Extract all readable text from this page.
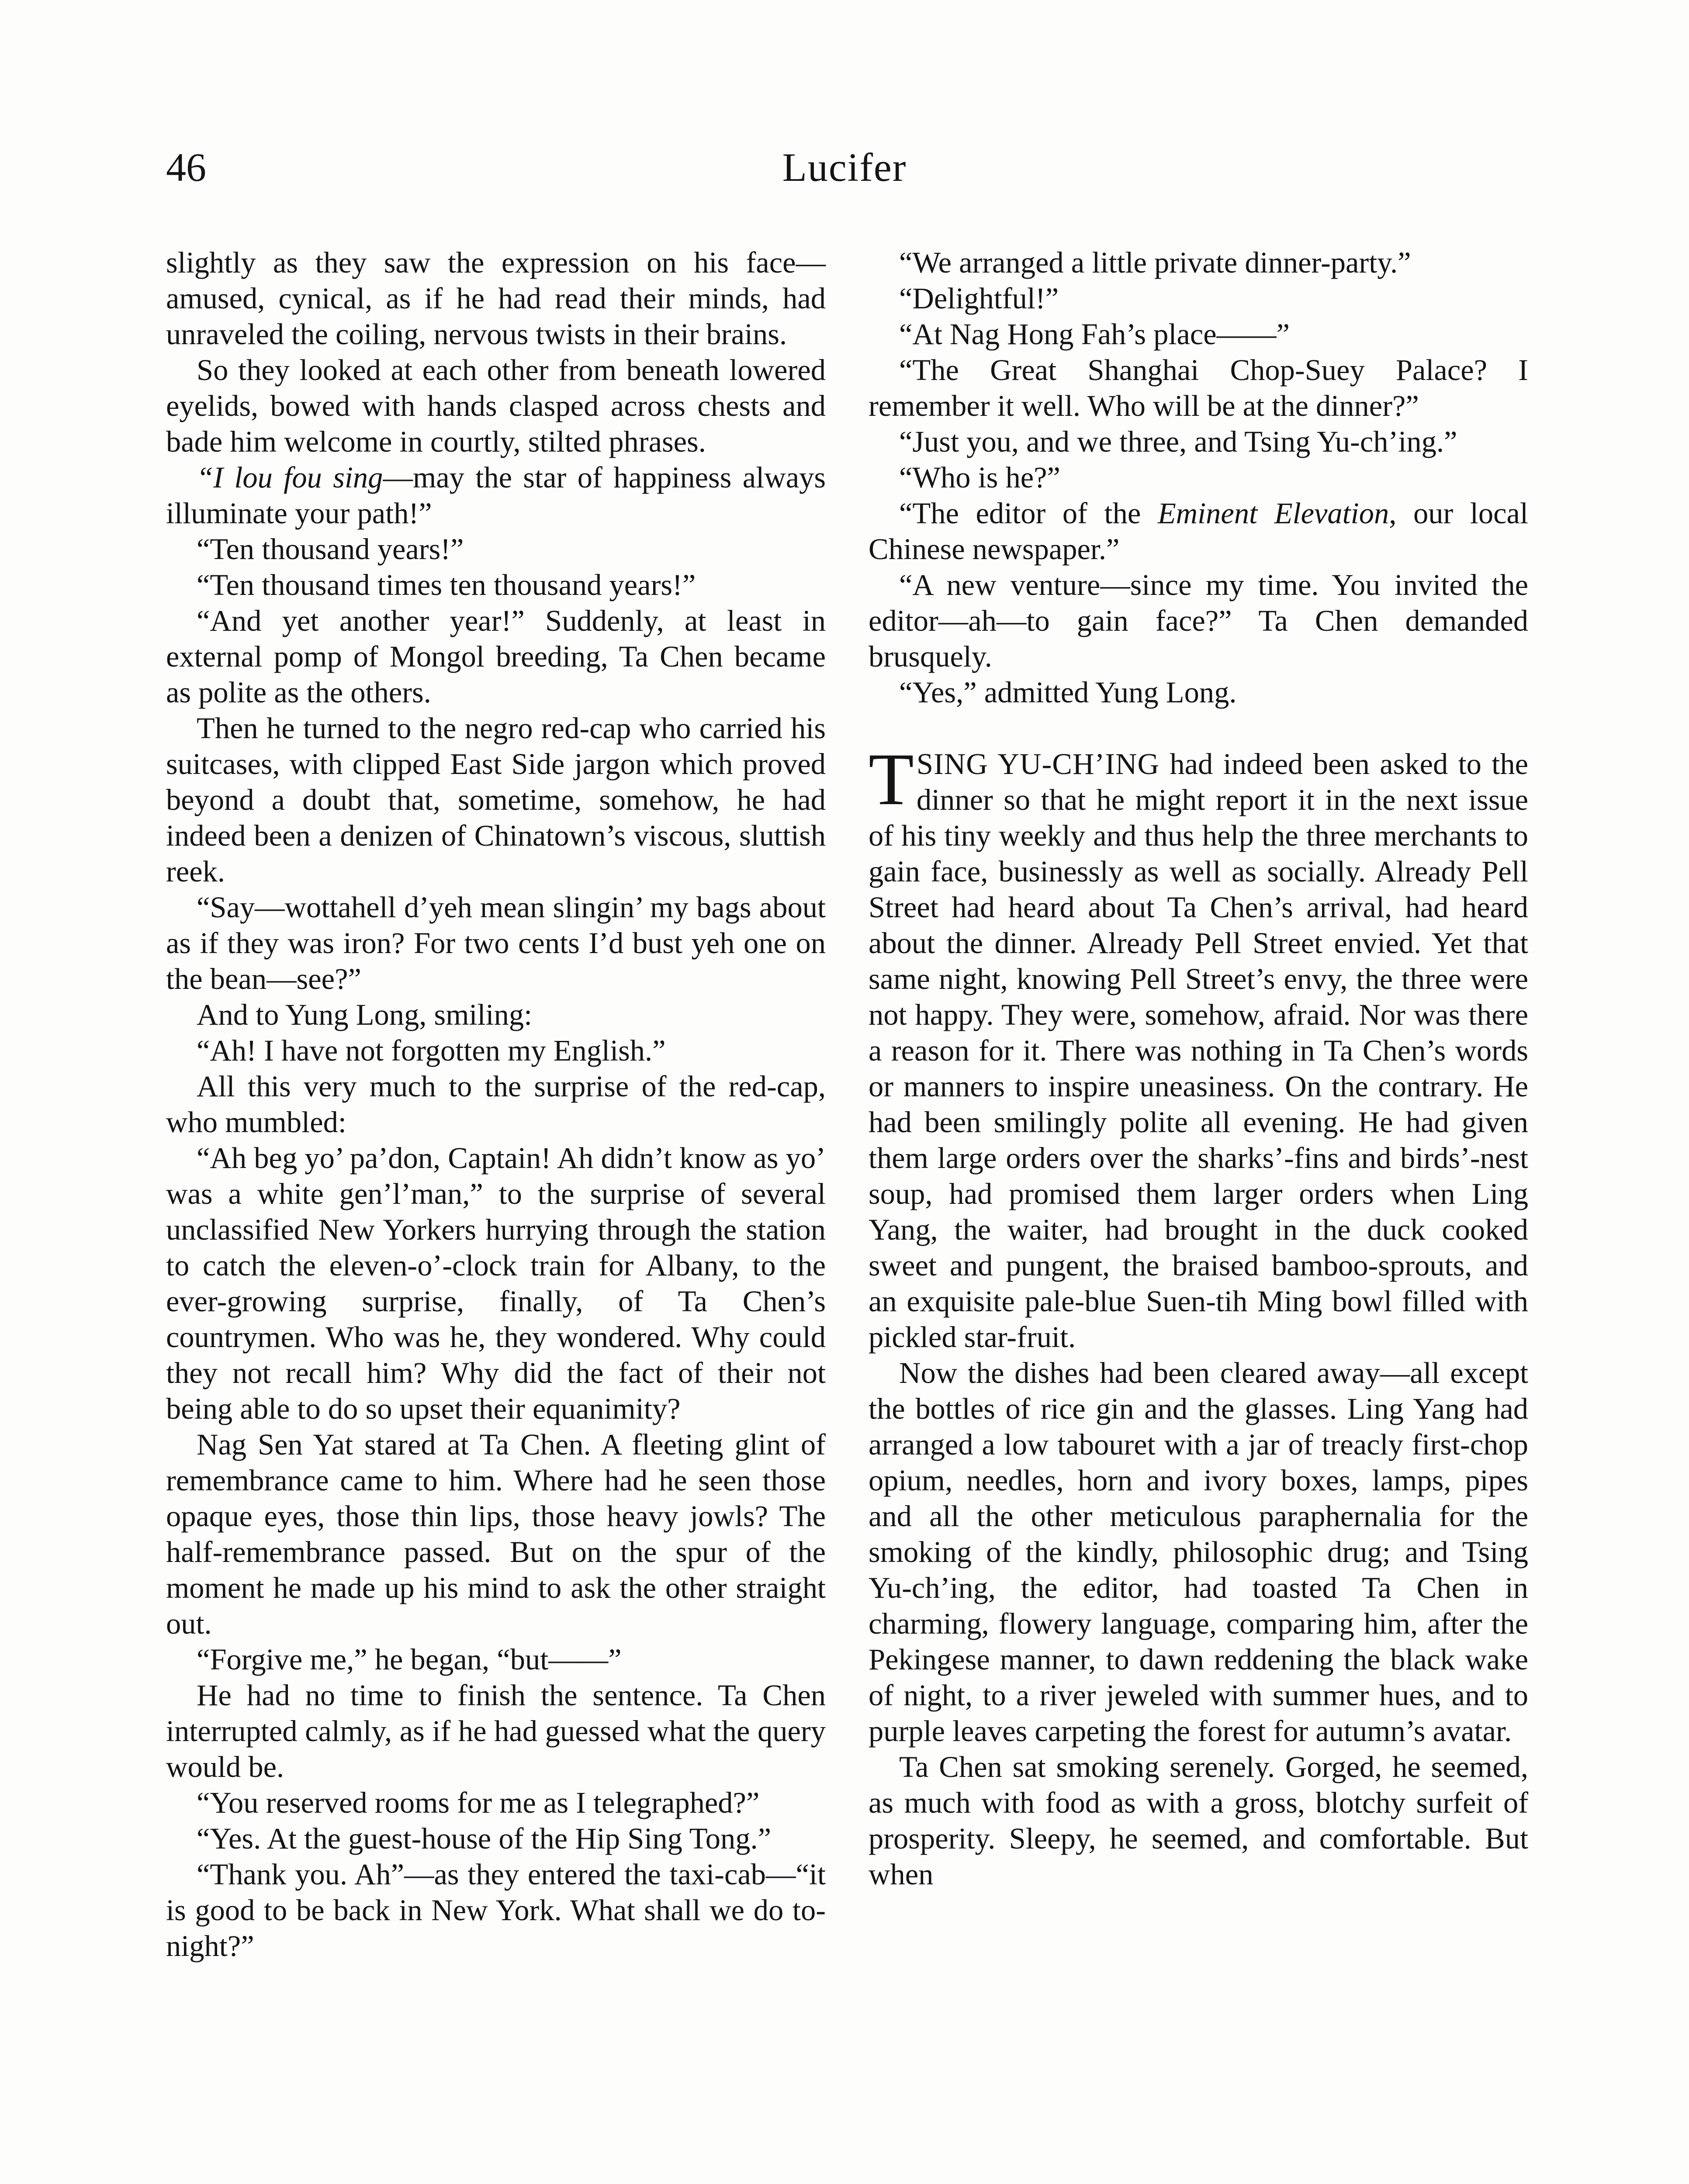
46	Lucifer

slightly as they saw the expression on his face—amused, cynical, as if he had read their minds, had unraveled the coiling, nervous twists in their brains.

So they looked at each other from beneath lowered eyelids, bowed with hands clasped across chests and bade him welcome in courtly, stilted phrases.

“I lou fou sing—may the star of happiness always illuminate your path!”

“Ten thousand years!”

“Ten thousand times ten thousand years!”

“And yet another year!” Suddenly, at least in external pomp of Mongol breeding, Ta Chen became as polite as the others.

Then he turned to the negro red-cap who carried his suitcases, with clipped East Side jargon which proved beyond a doubt that, sometime, somehow, he had indeed been a denizen of Chinatown’s viscous, sluttish reek.

“Say—wottahell d’yeh mean slingin’ my bags about as if they was iron? For two cents I’d bust yeh one on the bean—see?”

And to Yung Long, smiling:

“Ah! I have not forgotten my English.”

All this very much to the surprise of the red-cap, who mumbled:

“Ah beg yo’ pa’don, Captain! Ah didn’t know as yo’ was a white gen’l’man,” to the surprise of several unclassified New Yorkers hurrying through the station to catch the eleven-o’-clock train for Albany, to the ever-growing surprise, finally, of Ta Chen’s countrymen. Who was he, they wondered. Why could they not recall him? Why did the fact of their not being able to do so upset their equanimity?

Nag Sen Yat stared at Ta Chen. A fleeting glint of remembrance came to him. Where had he seen those opaque eyes, those thin lips, those heavy jowls? The half-remembrance passed. But on the spur of the moment he made up his mind to ask the other straight out.

“Forgive me,” he began, “but——”

He had no time to finish the sentence. Ta Chen interrupted calmly, as if he had guessed what the query would be.

“You reserved rooms for me as I telegraphed?”

“Yes. At the guest-house of the Hip Sing Tong.”

“Thank you. Ah”—as they entered the taxi-cab—“it is good to be back in New York. What shall we do to-night?”

“We arranged a little private dinner-party.”

“Delightful!”

“At Nag Hong Fah’s place——”

“The Great Shanghai Chop-Suey Palace? I remember it well. Who will be at the dinner?”

“Just you, and we three, and Tsing Yu-ch’ing.”

“Who is he?”

“The editor of the Eminent Elevation, our local Chinese newspaper.”

“A new venture—since my time. You invited the editor—ah—to gain face?” Ta Chen demanded brusquely.

“Yes,” admitted Yung Long.

TSING YU-CH’ING had indeed been asked to the dinner so that he might report it in the next issue of his tiny weekly and thus help the three merchants to gain face, businessly as well as socially. Already Pell Street had heard about Ta Chen’s arrival, had heard about the dinner. Already Pell Street envied. Yet that same night, knowing Pell Street’s envy, the three were not happy. They were, somehow, afraid. Nor was there a reason for it. There was nothing in Ta Chen’s words or manners to inspire uneasiness. On the contrary. He had been smilingly polite all evening. He had given them large orders over the sharks’-fins and birds’-nest soup, had promised them larger orders when Ling Yang, the waiter, had brought in the duck cooked sweet and pungent, the braised bamboo-sprouts, and an exquisite pale-blue Suen-tih Ming bowl filled with pickled star-fruit.

Now the dishes had been cleared away—all except the bottles of rice gin and the glasses. Ling Yang had arranged a low tabouret with a jar of treacly first-chop opium, needles, horn and ivory boxes, lamps, pipes and all the other meticulous paraphernalia for the smoking of the kindly, philosophic drug; and Tsing Yu-ch’ing, the editor, had toasted Ta Chen in charming, flowery language, comparing him, after the Pekingese manner, to dawn reddening the black wake of night, to a river jeweled with summer hues, and to purple leaves carpeting the forest for autumn’s avatar.

Ta Chen sat smoking serenely. Gorged, he seemed, as much with food as with a gross, blotchy surfeit of prosperity. Sleepy, he seemed, and comfortable. But when
